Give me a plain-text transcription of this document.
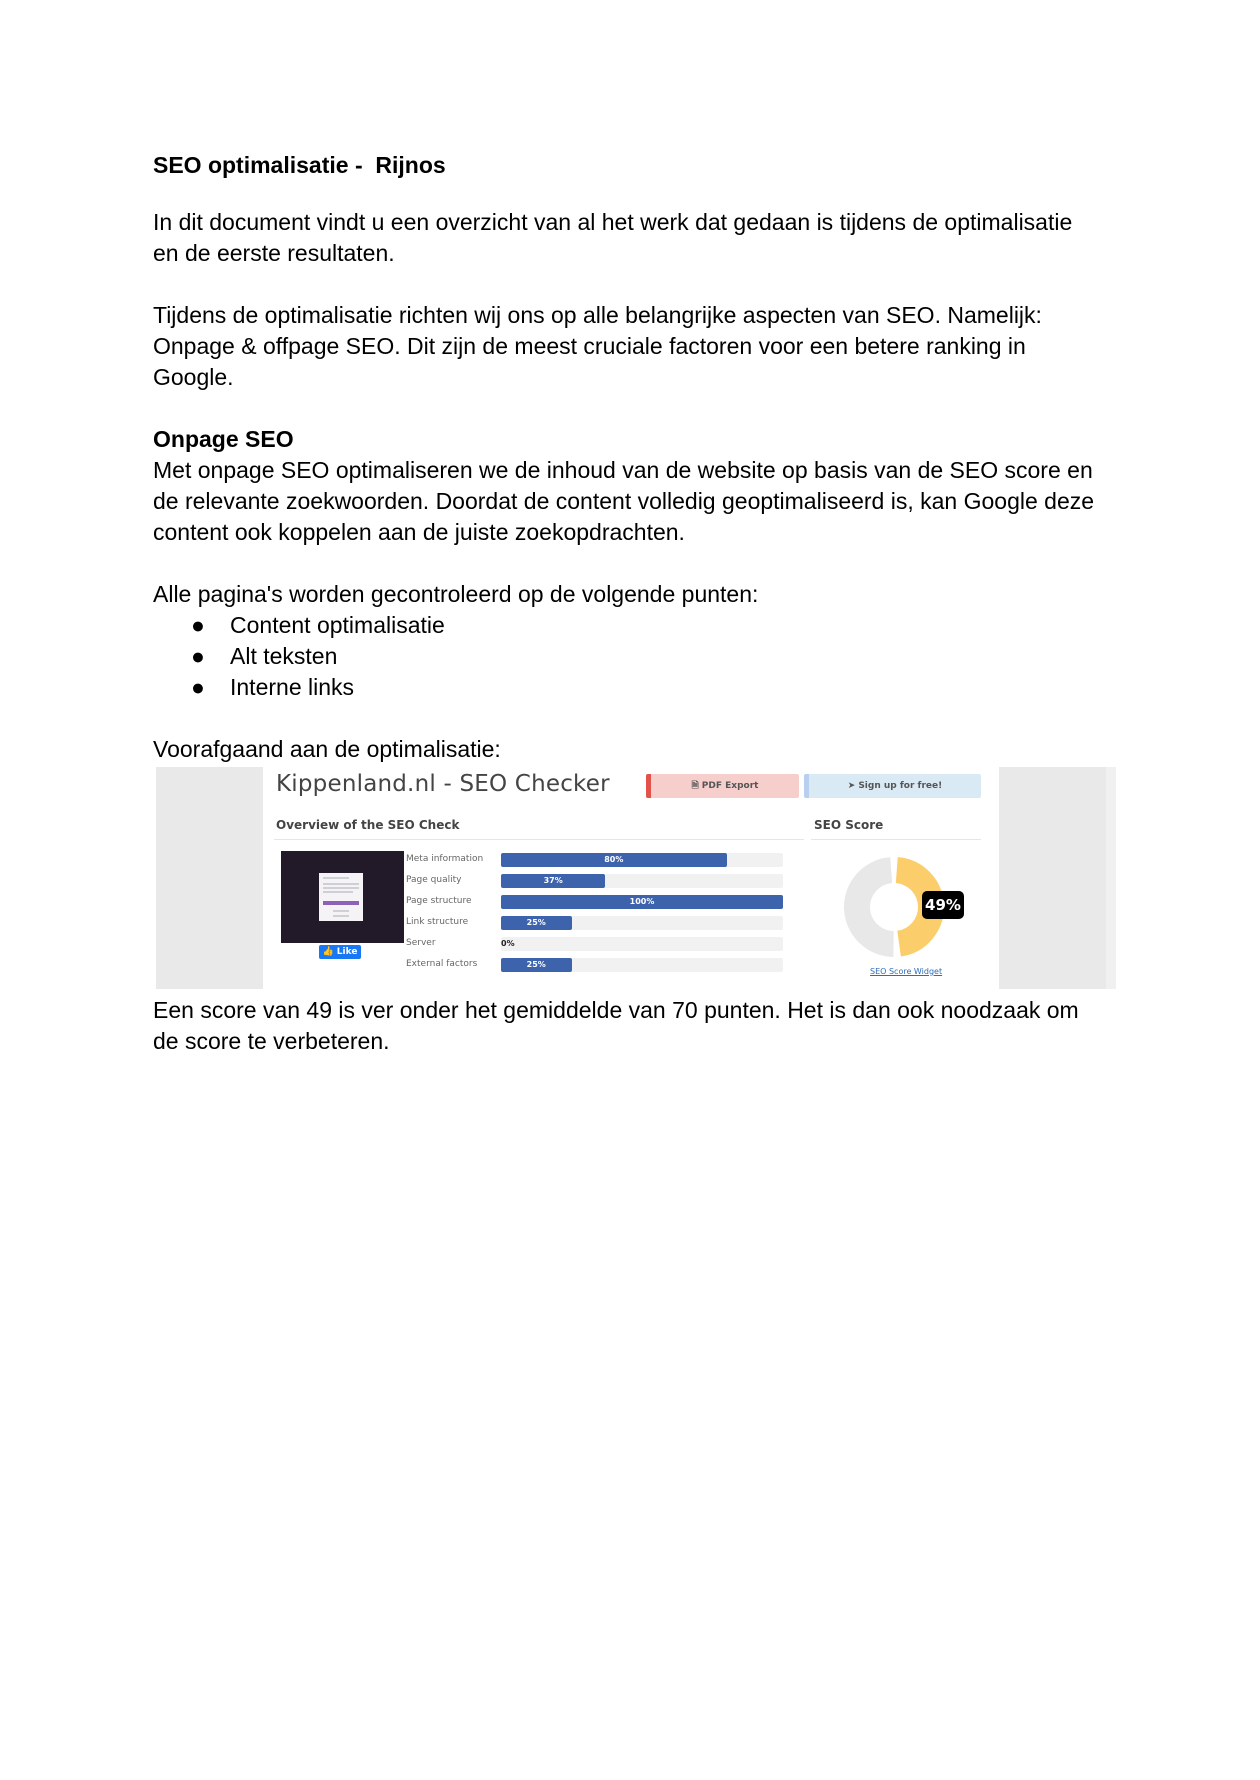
SEO optimalisatie -  Rijnos

In dit document vindt u een overzicht van al het werk dat gedaan is tijdens de optimalisatie

en de eerste resultaten.

Tijdens de optimalisatie richten wij ons op alle belangrijke aspecten van SEO. Namelijk:

Onpage & offpage SEO. Dit zijn de meest cruciale factoren voor een betere ranking in

Google.

Onpage SEO

Met onpage SEO optimaliseren we de inhoud van de website op basis van de SEO score en

de relevante zoekwoorden. Doordat de content volledig geoptimaliseerd is, kan Google deze

content ook koppelen aan de juiste zoekopdrachten.

Alle pagina's worden gecontroleerd op de volgende punten:

● Content optimalisatie
● Alt teksten
● Interne links

Voorafgaand aan de optimalisatie:

Kippenland.nl - SEO Checker	🗎 PDF Export	➤ Sign up for free!
Overview of the SEO Check	SEO Score
👍 Like
Meta information	80%
Page quality	37%
Page structure	100%
Link structure	25%
Server	0%
External factors	25%
49%
SEO Score Widget

Een score van 49 is ver onder het gemiddelde van 70 punten. Het is dan ook noodzaak om

de score te verbeteren.
